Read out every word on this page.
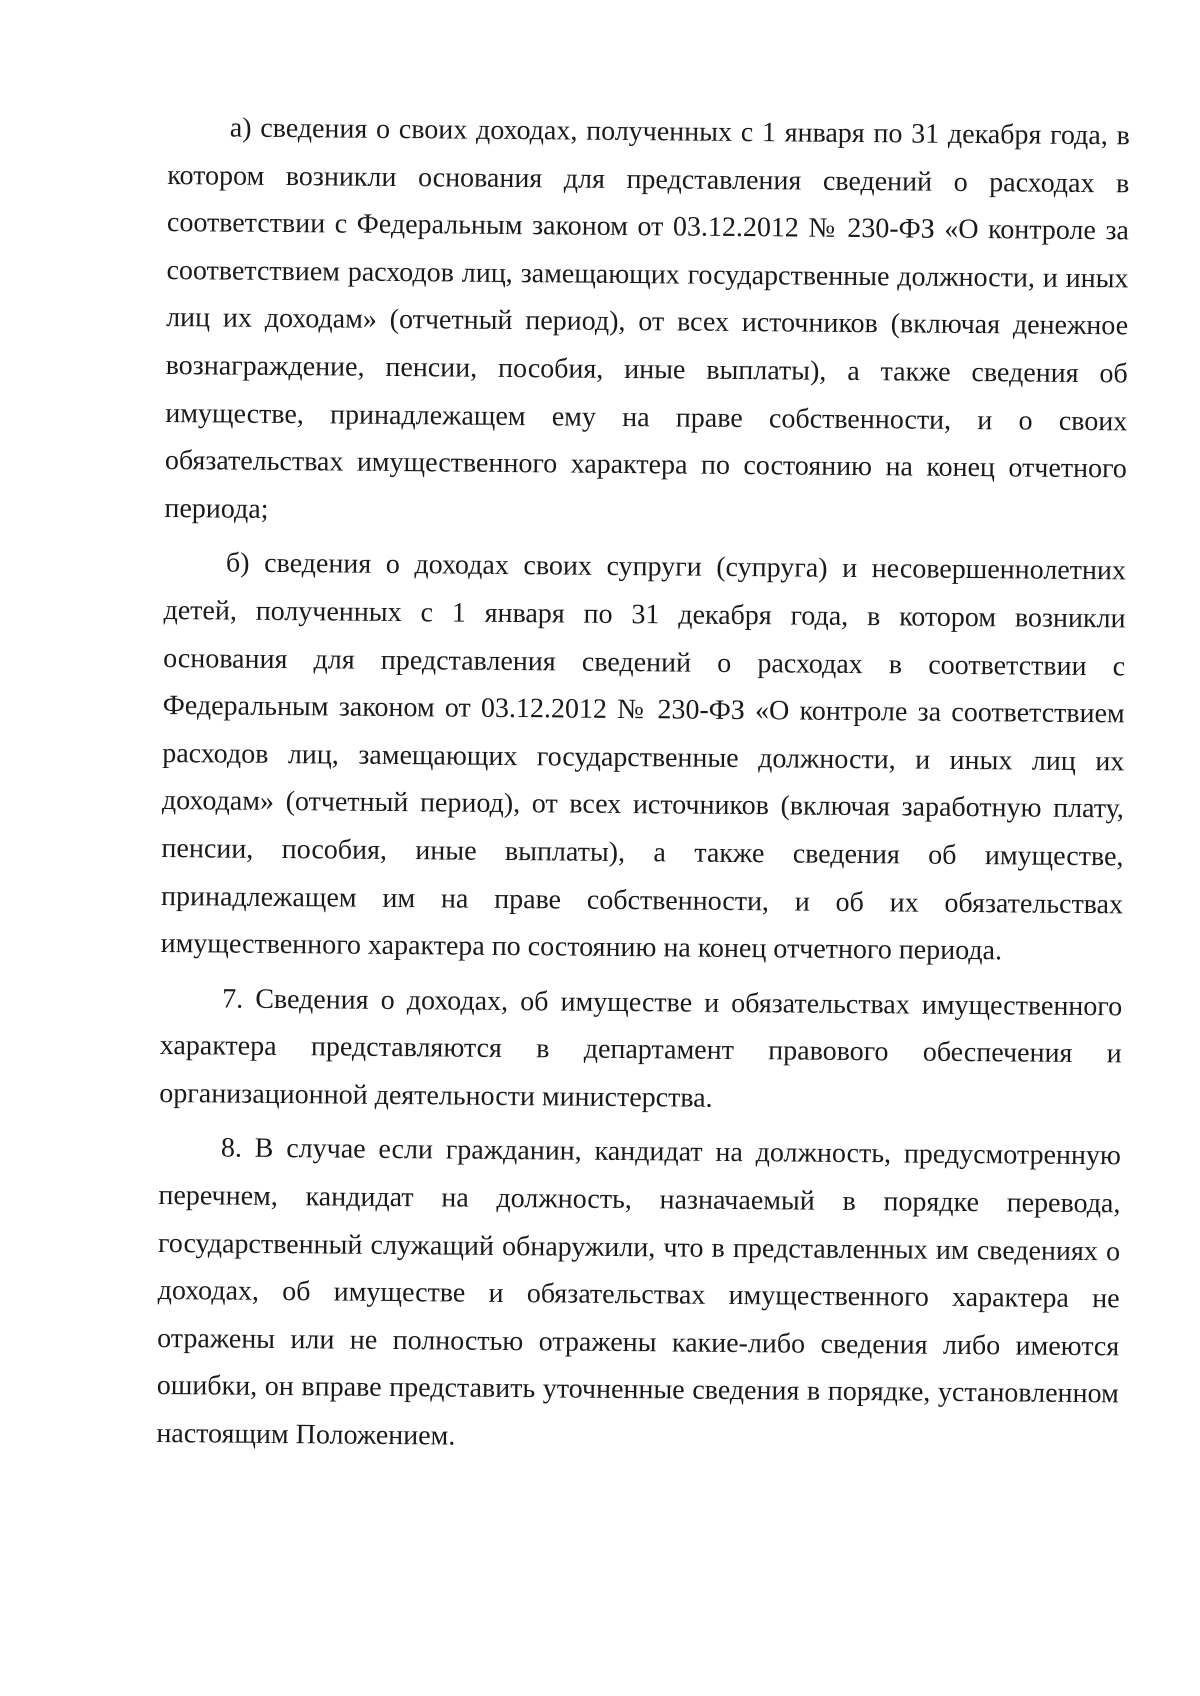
а) сведения о своих доходах, полученных с 1 января по 31 декабря года, в котором возникли основания для представления сведений о расходах в соответствии с Федеральным законом от 03.12.2012 № 230-ФЗ «О контроле за соответствием расходов лиц, замещающих государственные должности, и иных лиц их доходам» (отчетный период), от всех источников (включая денежное вознаграждение, пенсии, пособия, иные выплаты), а также сведения об имуществе, принадлежащем ему на праве собственности, и о своих обязательствах имущественного характера по состоянию на конец отчетного периода;

б) сведения о доходах своих супруги (супруга) и несовершеннолетних детей, полученных с 1 января по 31 декабря года, в котором возникли основания для представления сведений о расходах в соответствии с Федеральным законом от 03.12.2012 № 230-ФЗ «О контроле за соответствием расходов лиц, замещающих государственные должности, и иных лиц их доходам» (отчетный период), от всех источников (включая заработную плату, пенсии, пособия, иные выплаты), а также сведения об имуществе, принадлежащем им на праве собственности, и об их обязательствах имущественного характера по состоянию на конец отчетного периода.

7. Сведения о доходах, об имуществе и обязательствах имущественного характера представляются в департамент правового обеспечения и организационной деятельности министерства.

8. В случае если гражданин, кандидат на должность, предусмотренную перечнем, кандидат на должность, назначаемый в порядке перевода, государственный служащий обнаружили, что в представленных им сведениях о доходах, об имуществе и обязательствах имущественного характера не отражены или не полностью отражены какие-либо сведения либо имеются ошибки, он вправе представить уточненные сведения в порядке, установленном настоящим Положением.
